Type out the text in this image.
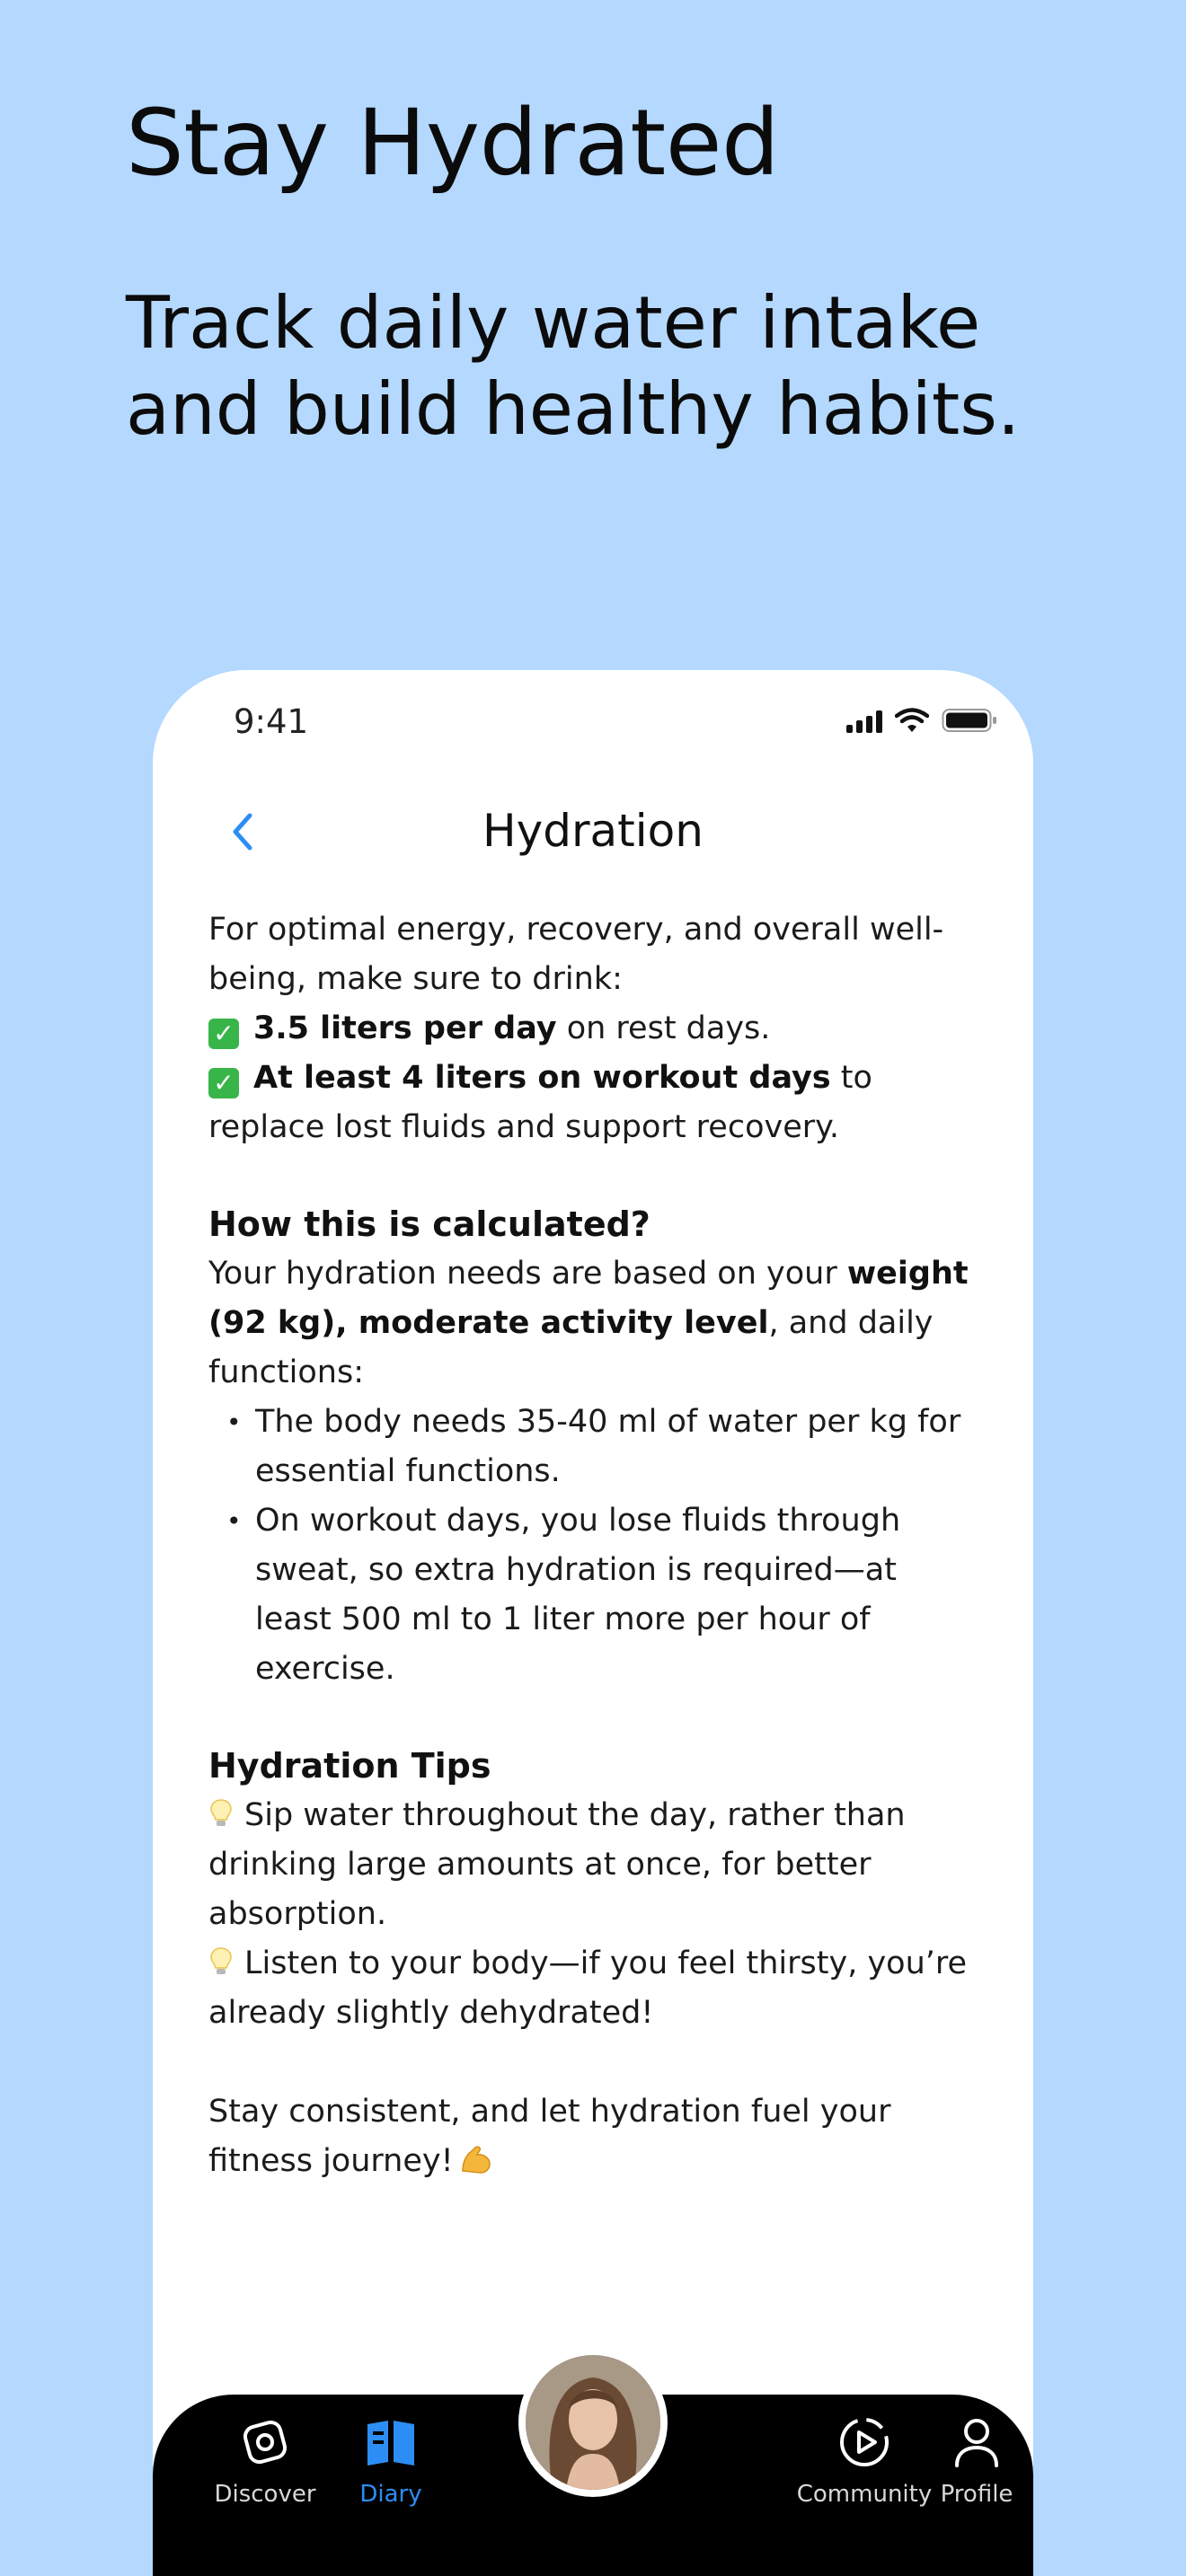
Stay Hydrated

Track daily water intake and build healthy habits.

9:41
Hydration

For optimal energy, recovery, and overall well-being, make sure to drink:

✓ 3.5 liters per day on rest days.

✓ At least 4 liters on workout days to replace lost fluids and support recovery.

How this is calculated?

Your hydration needs are based on your weight (92 kg), moderate activity level, and daily functions:

• The body needs 35-40 ml of water per kg for essential functions.
• On workout days, you lose fluids through sweat, so extra hydration is required—at least 500 ml to 1 liter more per hour of exercise.

Hydration Tips

Sip water throughout the day, rather than drinking large amounts at once, for better absorption.

Listen to your body—if you feel thirsty, you’re already slightly dehydrated!

Stay consistent, and let hydration fuel your fitness journey!

Discover	Diary	Community Profile
